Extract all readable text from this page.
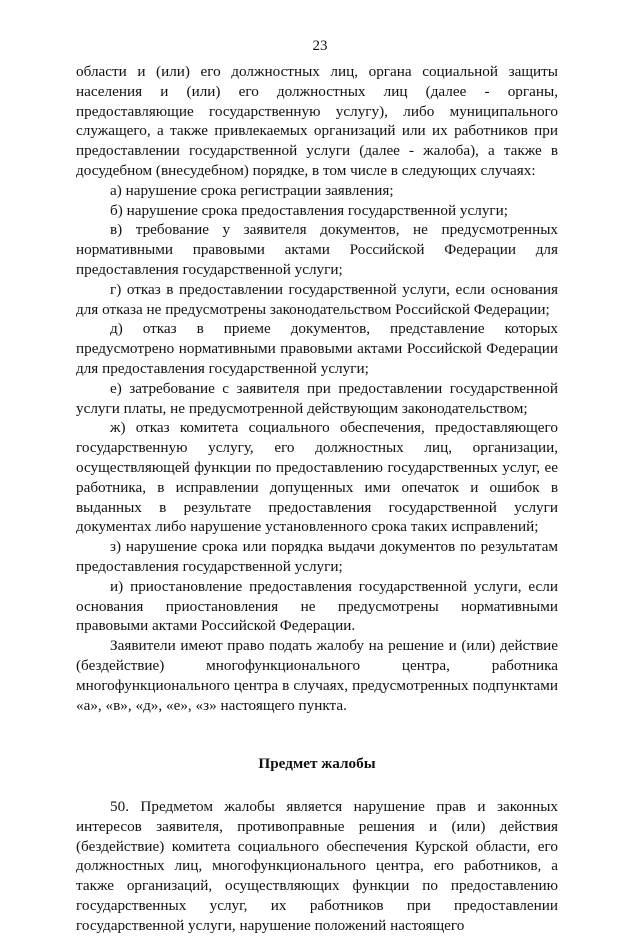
23

области и (или) его должностных лиц, органа социальной защиты населения и (или) его должностных лиц (далее - органы, предоставляющие государственную услугу), либо муниципального служащего, а также привлекаемых организаций или их работников при предоставлении государственной услуги (далее - жалоба), а также в досудебном (внесудебном) порядке, в том числе в следующих случаях:

а) нарушение срока регистрации заявления;

б) нарушение срока предоставления государственной услуги;

в) требование у заявителя документов, не предусмотренных нормативными правовыми актами Российской Федерации для предоставления государственной услуги;

г) отказ в предоставлении государственной услуги, если основания для отказа не предусмотрены законодательством Российской Федерации;

д) отказ в приеме документов, представление которых предусмотрено нормативными правовыми актами Российской Федерации для предоставления государственной услуги;

е) затребование с заявителя при предоставлении государственной услуги платы, не предусмотренной действующим законодательством;

ж) отказ комитета социального обеспечения, предоставляющего государственную услугу, его должностных лиц, организации, осуществляющей функции по предоставлению государственных услуг, ее работника, в исправлении допущенных ими опечаток и ошибок в выданных в результате предоставления государственной услуги документах либо нарушение установленного срока таких исправлений;

з) нарушение срока или порядка выдачи документов по результатам предоставления государственной услуги;

и) приостановление предоставления государственной услуги, если основания приостановления не предусмотрены нормативными правовыми актами Российской Федерации.

Заявители имеют право подать жалобу на решение и (или) действие (бездействие) многофункционального центра, работника многофункционального центра в случаях, предусмотренных подпунктами «а», «в», «д», «е», «з» настоящего пункта.

Предмет жалобы

50. Предметом жалобы является нарушение прав и законных интересов заявителя, противоправные решения и (или) действия (бездействие) комитета социального обеспечения Курской области, его должностных лиц, многофункционального центра, его работников, а также организаций, осуществляющих функции по предоставлению государственных услуг, их работников при предоставлении государственной услуги, нарушение положений настоящего
